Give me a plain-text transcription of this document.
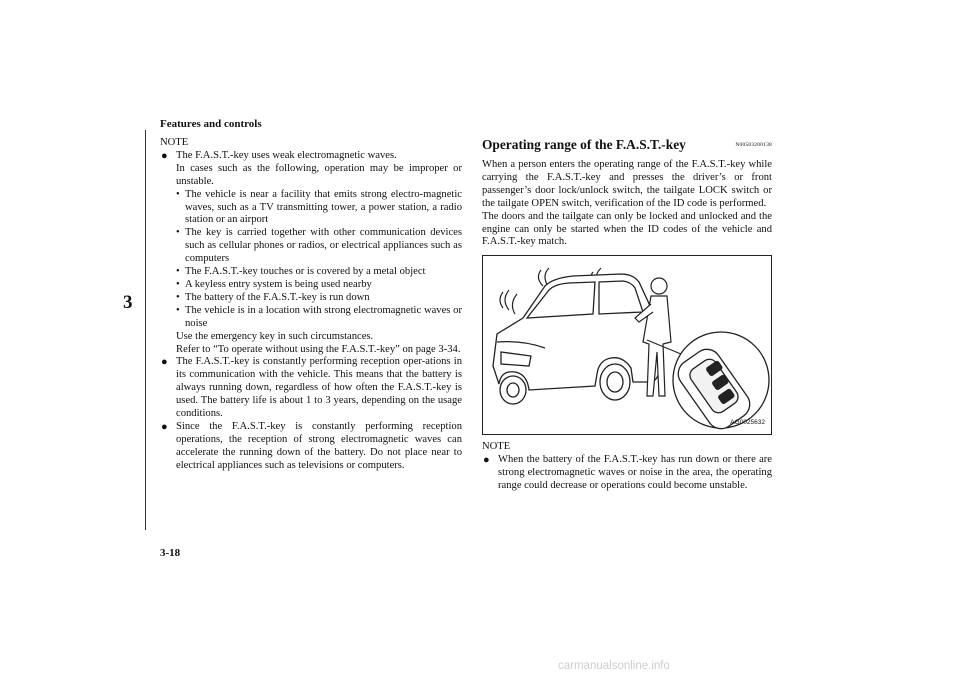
Features and controls
3
NOTE
● The F.A.S.T.-key uses weak electromagnetic waves.

In cases such as the following, operation may be improper or unstable.

• The vehicle is near a facility that emits strong electro-magnetic waves, such as a TV transmitting tower, a power station, a radio station or an airport
• The key is carried together with other communication devices such as cellular phones or radios, or electrical appliances such as computers
• The F.A.S.T.-key touches or is covered by a metal object
• A keyless entry system is being used nearby
• The battery of the F.A.S.T.-key is run down
• The vehicle is in a location with strong electromagnetic waves or noise

Use the emergency key in such circumstances.

Refer to “To operate without using the F.A.S.T.-key” on page 3-34.

● The F.A.S.T.-key is constantly performing reception oper-ations in its communication with the vehicle. This means that the battery is always running down, regardless of how often the F.A.S.T.-key is used. The battery life is about 1 to 3 years, depending on the usage conditions.

● Since the F.A.S.T.-key is constantly performing reception operations, the reception of strong electromagnetic waves can accelerate the running down of the battery. Do not place near to electrical appliances such as televisions or computers.

Operating range of the F.A.S.T.-key	N00503200138

When a person enters the operating range of the F.A.S.T.-key while carrying the F.A.S.T.-key and presses the driver’s or front passenger’s door lock/unlock switch, the tailgate LOCK switch or the tailgate OPEN switch, verification of the ID code is performed.

The doors and the tailgate can only be locked and unlocked and the engine can only be started when the ID codes of the vehicle and F.A.S.T.-key match.

AG0025632
NOTE
● When the battery of the F.A.S.T.-key has run down or there are strong electromagnetic waves or noise in the area, the operating range could decrease or operations could become unstable.

3-18
carmanualsonline.info
